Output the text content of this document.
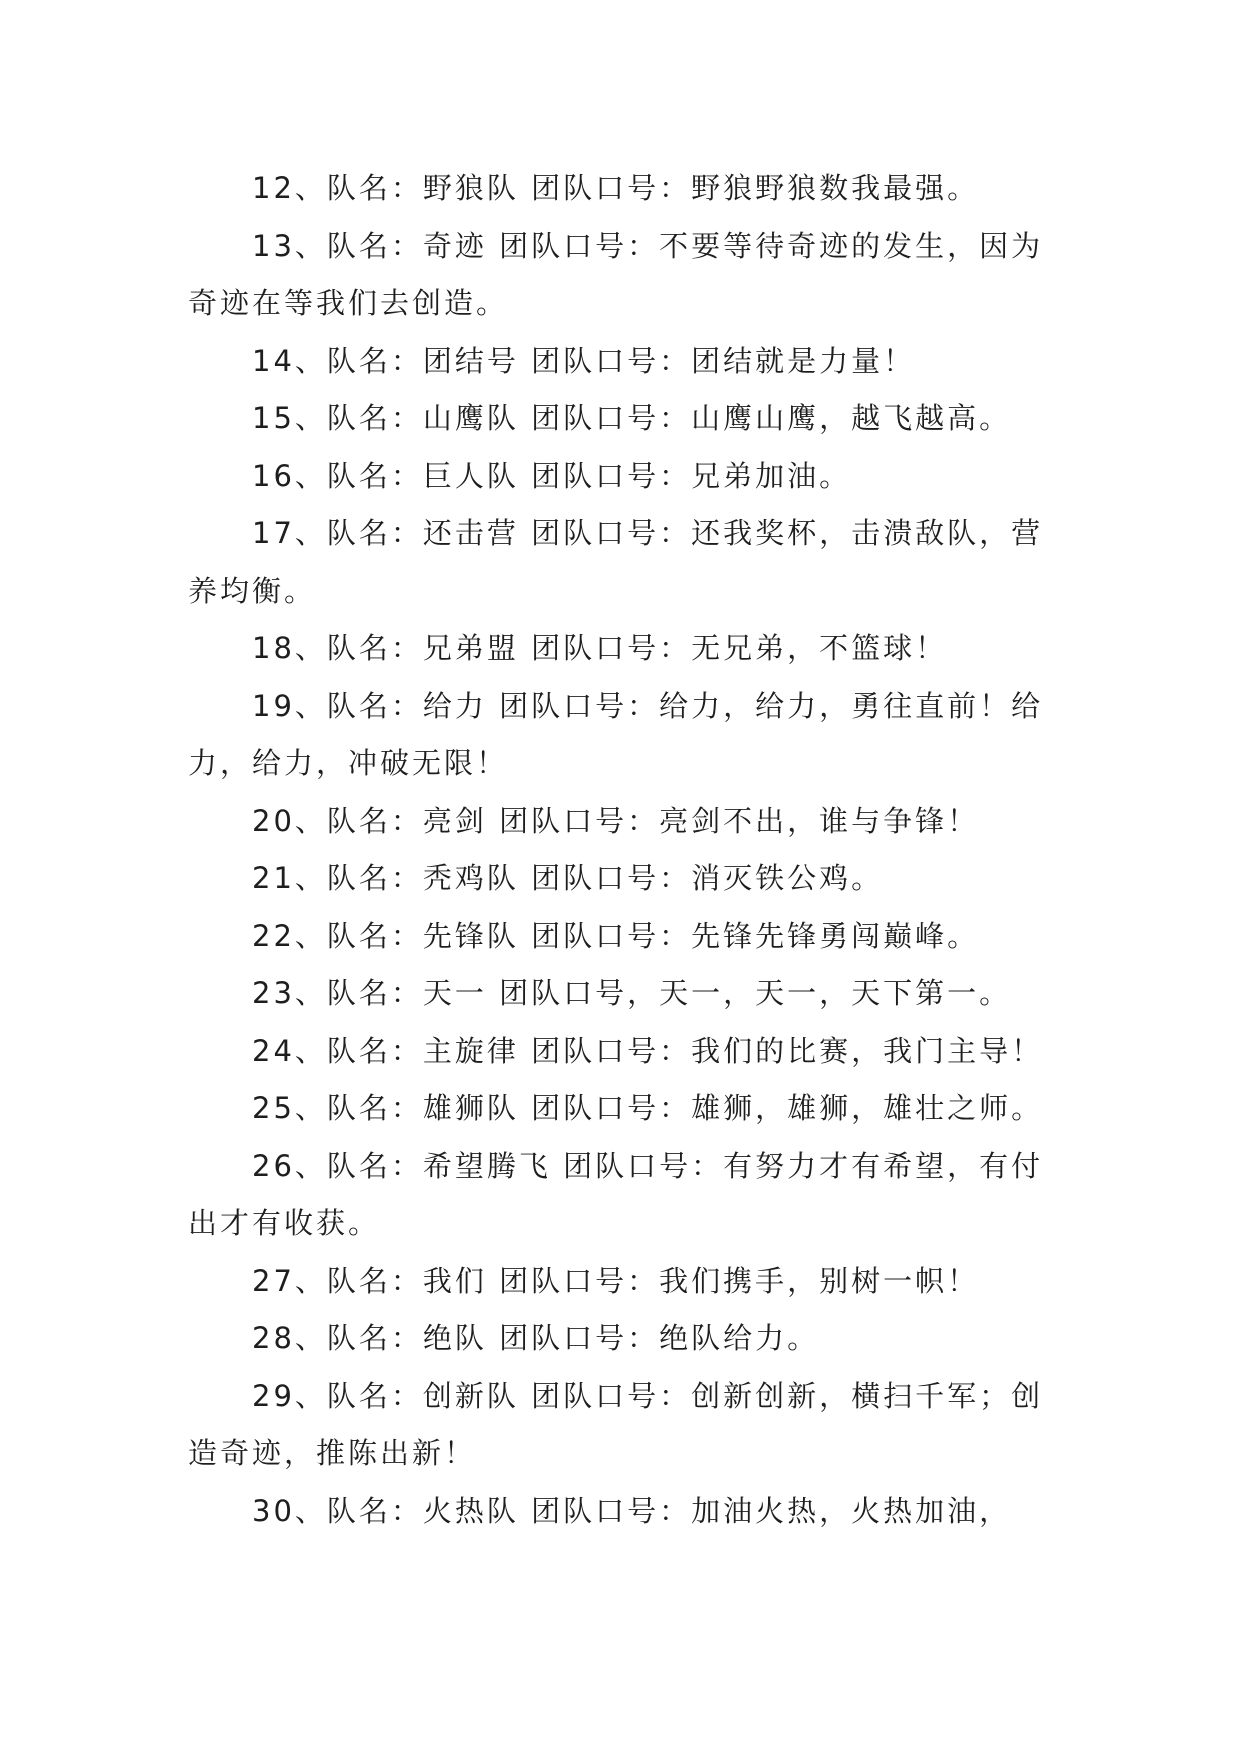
12、队名：野狼队 团队口号：野狼野狼数我最强。

13、队名：奇迹 团队口号：不要等待奇迹的发生，因为奇迹在等我们去创造。

14、队名：团结号 团队口号：团结就是力量！

15、队名：山鹰队 团队口号：山鹰山鹰，越飞越高。

16、队名：巨人队 团队口号：兄弟加油。

17、队名：还击营 团队口号：还我奖杯，击溃敌队，营养均衡。

18、队名：兄弟盟 团队口号：无兄弟，不篮球！

19、队名：给力 团队口号：给力，给力，勇往直前！给力，给力，冲破无限！

20、队名：亮剑 团队口号：亮剑不出，谁与争锋！

21、队名：秃鸡队 团队口号：消灭铁公鸡。

22、队名：先锋队 团队口号：先锋先锋勇闯巅峰。

23、队名：天一 团队口号，天一，天一，天下第一。

24、队名：主旋律 团队口号：我们的比赛，我门主导！

25、队名：雄狮队 团队口号：雄狮，雄狮，雄壮之师。

26、队名：希望腾飞 团队口号：有努力才有希望，有付出才有收获。

27、队名：我们 团队口号：我们携手，别树一帜！

28、队名：绝队 团队口号：绝队给力。

29、队名：创新队 团队口号：创新创新，横扫千军；创造奇迹，推陈出新！

30、队名：火热队 团队口号：加油火热，火热加油，
